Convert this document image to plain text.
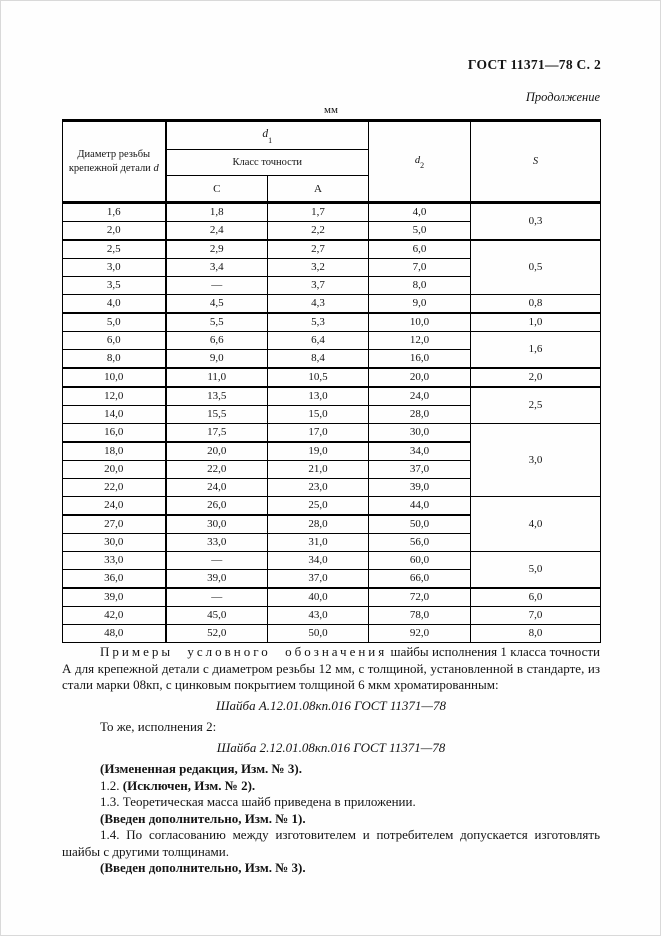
ГОСТ 11371—78 С. 2
Продолжение
мм
Диаметр резьбы
крепежной детали d	$d_1$		$d_2$	S
	Класс точности			
	С	А		
1,6	1,8	1,7	4,0	0,3
2,0	2,4	2,2	5,0	
2,5	2,9	2,7	6,0	0,5
3,0	3,4	3,2	7,0	
3,5	—	3,7	8,0	
4,0	4,5	4,3	9,0	0,8
5,0	5,5	5,3	10,0	1,0
6,0	6,6	6,4	12,0	1,6
8,0	9,0	8,4	16,0	
10,0	11,0	10,5	20,0	2,0
12,0	13,5	13,0	24,0	2,5
14,0	15,5	15,0	28,0	
16,0	17,5	17,0	30,0	3,0
18,0	20,0	19,0	34,0	
20,0	22,0	21,0	37,0	
22,0	24,0	23,0	39,0	
24,0	26,0	25,0	44,0	4,0
27,0	30,0	28,0	50,0	
30,0	33,0	31,0	56,0	
33,0	—	34,0	60,0	5,0
36,0	39,0	37,0	66,0	
39,0	—	40,0	72,0	6,0
42,0	45,0	43,0	78,0	7,0
48,0	52,0	50,0	92,0	8,0

Примеры условного обозначения шайбы исполнения 1 класса точности А для крепежной детали с диаметром резьбы 12 мм, с толщиной, установленной в стандарте, из стали марки 08кп, с цинковым покрытием толщиной 6 мкм хроматированным:

Шайба А.12.01.08кп.016 ГОСТ 11371—78

То же, исполнения 2:

Шайба 2.12.01.08кп.016 ГОСТ 11371—78

(Измененная редакция, Изм. № 3).

1.2. (Исключен, Изм. № 2).

1.3. Теоретическая масса шайб приведена в приложении.

(Введен дополнительно, Изм. № 1).

1.4. По согласованию между изготовителем и потребителем допускается изготовлять шайбы с другими толщинами.

(Введен дополнительно, Изм. № 3).
